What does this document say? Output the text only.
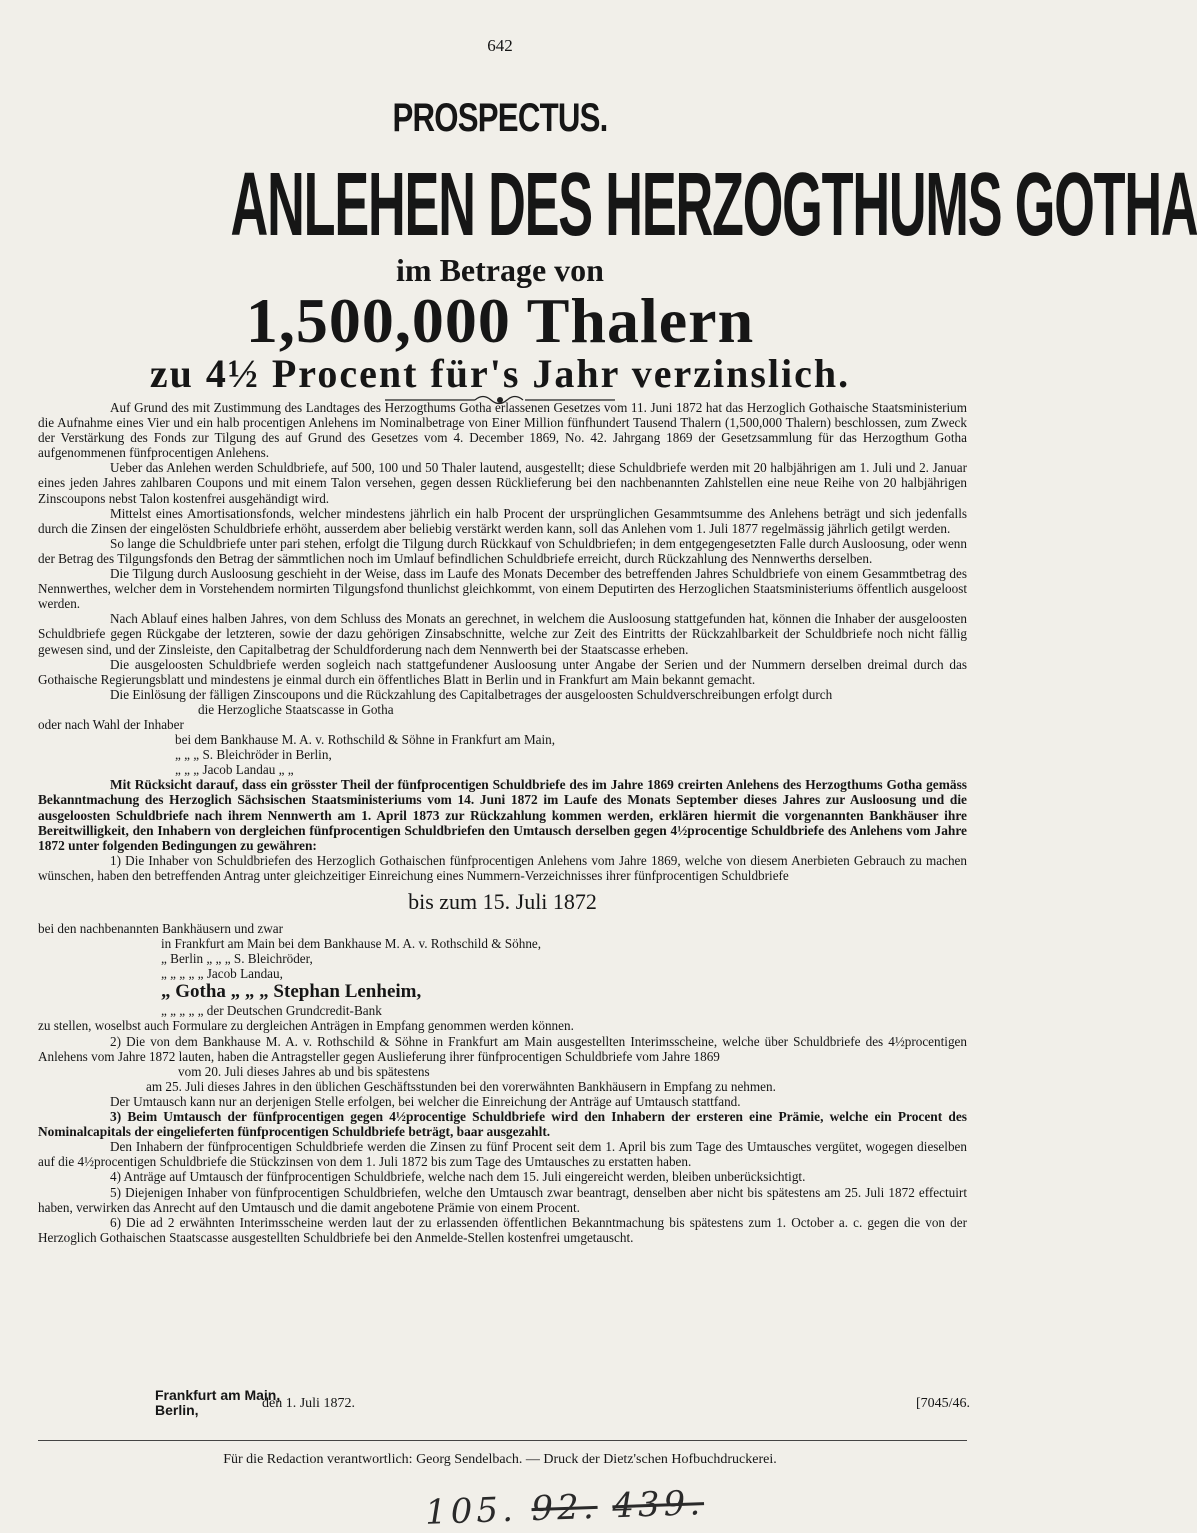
642
PROSPECTUS.
ANLEHEN DES HERZOGTHUMS GOTHA
im Betrage von
1,500,000 Thalern
zu 4½ Procent für's Jahr verzinslich.

Auf Grund des mit Zustimmung des Landtages des Herzogthums Gotha erlassenen Gesetzes vom 11. Juni 1872 hat das Herzoglich Gothaische Staatsministerium die Aufnahme eines Vier und ein halb procentigen Anlehens im Nominalbetrage von Einer Million fünfhundert Tausend Thalern (1,500,000 Thalern) beschlossen, zum Zweck der Verstärkung des Fonds zur Tilgung des auf Grund des Gesetzes vom 4. December 1869, No. 42. Jahrgang 1869 der Gesetzsammlung für das Herzogthum Gotha aufgenommenen fünfprocentigen Anlehens.

Ueber das Anlehen werden Schuldbriefe, auf 500, 100 und 50 Thaler lautend, ausgestellt; diese Schuldbriefe werden mit 20 halbjährigen am 1. Juli und 2. Januar eines jeden Jahres zahlbaren Coupons und mit einem Talon versehen, gegen dessen Rücklieferung bei den nachbenannten Zahlstellen eine neue Reihe von 20 halbjährigen Zinscoupons nebst Talon kostenfrei ausgehändigt wird.

Mittelst eines Amortisationsfonds, welcher mindestens jährlich ein halb Procent der ursprünglichen Gesammtsumme des Anlehens beträgt und sich jedenfalls durch die Zinsen der eingelösten Schuldbriefe erhöht, ausserdem aber beliebig verstärkt werden kann, soll das Anlehen vom 1. Juli 1877 regelmässig jährlich getilgt werden.

So lange die Schuldbriefe unter pari stehen, erfolgt die Tilgung durch Rückkauf von Schuldbriefen; in dem entgegengesetzten Falle durch Ausloosung, oder wenn der Betrag des Tilgungsfonds den Betrag der sämmtlichen noch im Umlauf befindlichen Schuldbriefe erreicht, durch Rückzahlung des Nennwerths derselben.

Die Tilgung durch Ausloosung geschieht in der Weise, dass im Laufe des Monats December des betreffenden Jahres Schuldbriefe von einem Gesammtbetrag des Nennwerthes, welcher dem in Vorstehendem normirten Tilgungsfond thunlichst gleichkommt, von einem Deputirten des Herzoglichen Staatsministeriums öffentlich ausgeloost werden.

Nach Ablauf eines halben Jahres, von dem Schluss des Monats an gerechnet, in welchem die Ausloosung stattgefunden hat, können die Inhaber der ausgeloosten Schuldbriefe gegen Rückgabe der letzteren, sowie der dazu gehörigen Zinsabschnitte, welche zur Zeit des Eintritts der Rückzahlbarkeit der Schuldbriefe noch nicht fällig gewesen sind, und der Zinsleiste, den Capitalbetrag der Schuldforderung nach dem Nennwerth bei der Staatscasse erheben.

Die ausgeloosten Schuldbriefe werden sogleich nach stattgefundener Ausloosung unter Angabe der Serien und der Nummern derselben dreimal durch das Gothaische Regierungsblatt und mindestens je einmal durch ein öffentliches Blatt in Berlin und in Frankfurt am Main bekannt gemacht.

Die Einlösung der fälligen Zinscoupons und die Rückzahlung des Capitalbetrages der ausgeloosten Schuldverschreibungen erfolgt durch

die Herzogliche Staatscasse in Gotha

oder nach Wahl der Inhaber

bei dem Bankhause M. A. v. Rothschild & Söhne in Frankfurt am Main,

„ „ „ S. Bleichröder in Berlin,

„ „ „ Jacob Landau „ „

Mit Rücksicht darauf, dass ein grösster Theil der fünfprocentigen Schuldbriefe des im Jahre 1869 creirten Anlehens des Herzogthums Gotha gemäss Bekanntmachung des Herzoglich Sächsischen Staatsministeriums vom 14. Juni 1872 im Laufe des Monats September dieses Jahres zur Ausloosung und die ausgeloosten Schuldbriefe nach ihrem Nennwerth am 1. April 1873 zur Rückzahlung kommen werden, erklären hiermit die vorgenannten Bankhäuser ihre Bereitwilligkeit, den Inhabern von dergleichen fünfprocentigen Schuldbriefen den Umtausch derselben gegen 4½procentige Schuldbriefe des Anlehens vom Jahre 1872 unter folgenden Bedingungen zu gewähren:

1) Die Inhaber von Schuldbriefen des Herzoglich Gothaischen fünfprocentigen Anlehens vom Jahre 1869, welche von diesem Anerbieten Gebrauch zu machen wünschen, haben den betreffenden Antrag unter gleichzeitiger Einreichung eines Nummern-Verzeichnisses ihrer fünfprocentigen Schuldbriefe

bis zum 15. Juli 1872

bei den nachbenannten Bankhäusern und zwar

in Frankfurt am Main bei dem Bankhause M. A. v. Rothschild & Söhne,

„ Berlin „ „ „ S. Bleichröder,

„ „ „ „ „ Jacob Landau,

„ Gotha „ „ „ Stephan Lenheim,

„ „ „ „ „ der Deutschen Grundcredit-Bank

zu stellen, woselbst auch Formulare zu dergleichen Anträgen in Empfang genommen werden können.

2) Die von dem Bankhause M. A. v. Rothschild & Söhne in Frankfurt am Main ausgestellten Interimsscheine, welche über Schuldbriefe des 4½procentigen Anlehens vom Jahre 1872 lauten, haben die Antragsteller gegen Auslieferung ihrer fünfprocentigen Schuldbriefe vom Jahre 1869

vom 20. Juli dieses Jahres ab und bis spätestens

am 25. Juli dieses Jahres in den üblichen Geschäftsstunden bei den vorerwähnten Bankhäusern in Empfang zu nehmen.

Der Umtausch kann nur an derjenigen Stelle erfolgen, bei welcher die Einreichung der Anträge auf Umtausch stattfand.

3) Beim Umtausch der fünfprocentigen gegen 4½procentige Schuldbriefe wird den Inhabern der ersteren eine Prämie, welche ein Procent des Nominalcapitals der eingelieferten fünfprocentigen Schuldbriefe beträgt, baar ausgezahlt.

Den Inhabern der fünfprocentigen Schuldbriefe werden die Zinsen zu fünf Procent seit dem 1. April bis zum Tage des Umtausches vergütet, wogegen dieselben auf die 4½procentigen Schuldbriefe die Stückzinsen von dem 1. Juli 1872 bis zum Tage des Umtausches zu erstatten haben.

4) Anträge auf Umtausch der fünfprocentigen Schuldbriefe, welche nach dem 15. Juli eingereicht werden, bleiben unberücksichtigt.

5) Diejenigen Inhaber von fünfprocentigen Schuldbriefen, welche den Umtausch zwar beantragt, denselben aber nicht bis spätestens am 25. Juli 1872 effectuirt haben, verwirken das Anrecht auf den Umtausch und die damit angebotene Prämie von einem Procent.

6) Die ad 2 erwähnten Interimsscheine werden laut der zu erlassenden öffentlichen Bekanntmachung bis spätestens zum 1. October a. c. gegen die von der Herzoglich Gothaischen Staatscasse ausgestellten Schuldbriefe bei den Anmelde-Stellen kostenfrei umgetauscht.

Frankfurt am Main,
Berlin,	den 1. Juli 1872.	[7045/46.
Für die Redaction verantwortlich: Georg Sendelbach. — Druck der Dietz'schen Hofbuchdruckerei.
105. 92. 439.
